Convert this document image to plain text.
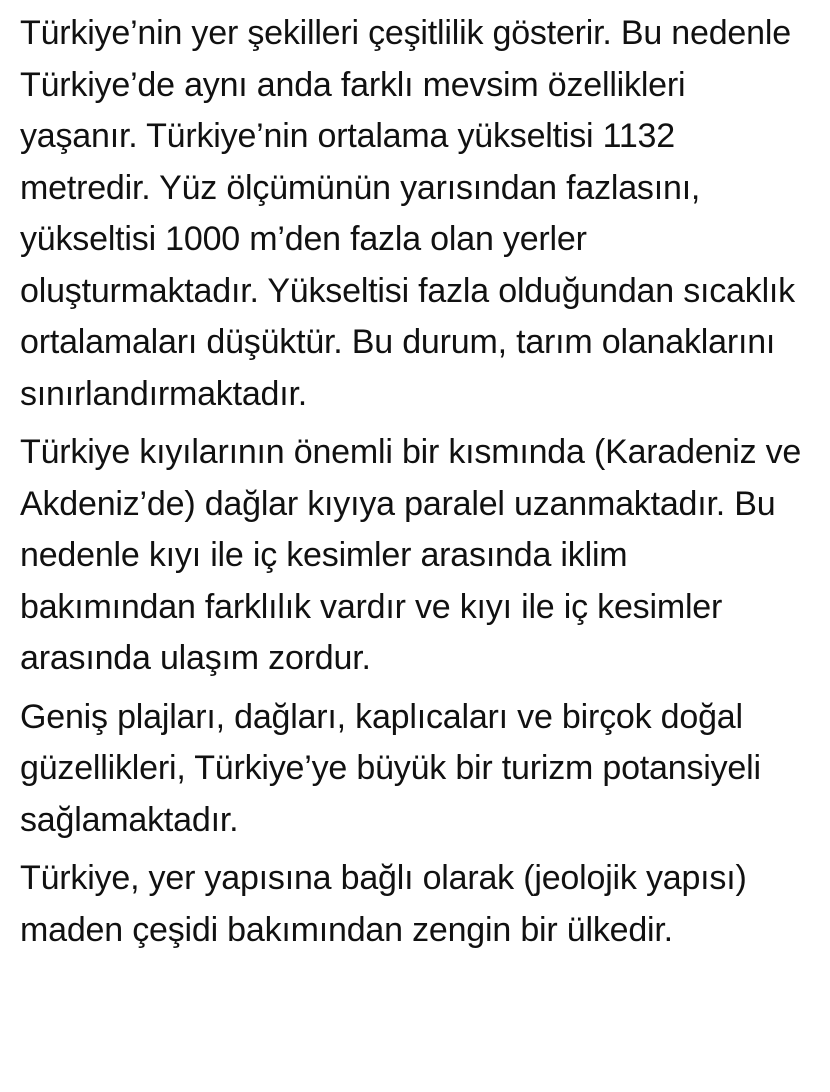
Türkiye’nin yer şekilleri çeşitlilik gösterir. Bu nedenle Türkiye’de aynı anda farklı mevsim özellikleri yaşanır. Türkiye’nin ortalama yükseltisi 1132 metredir. Yüz ölçümünün yarısından fazlasını, yükseltisi 1000 m’den fazla olan yerler oluşturmaktadır. Yükseltisi fazla olduğundan sıcaklık ortalamaları düşüktür. Bu durum, tarım olanaklarını sınırlandırmaktadır.

Türkiye kıyılarının önemli bir kısmında (Karadeniz ve Akdeniz’de) dağlar kıyıya paralel uzanmaktadır. Bu nedenle kıyı ile iç kesimler arasında iklim bakımından farklılık vardır ve kıyı ile iç kesimler arasında ulaşım zordur.

Geniş plajları, dağları, kaplıcaları ve birçok doğal güzellikleri, Türkiye’ye büyük bir turizm potansiyeli sağlamaktadır.

Türkiye, yer yapısına bağlı olarak (jeolojik yapısı) maden çeşidi bakımından zengin bir ülkedir.
